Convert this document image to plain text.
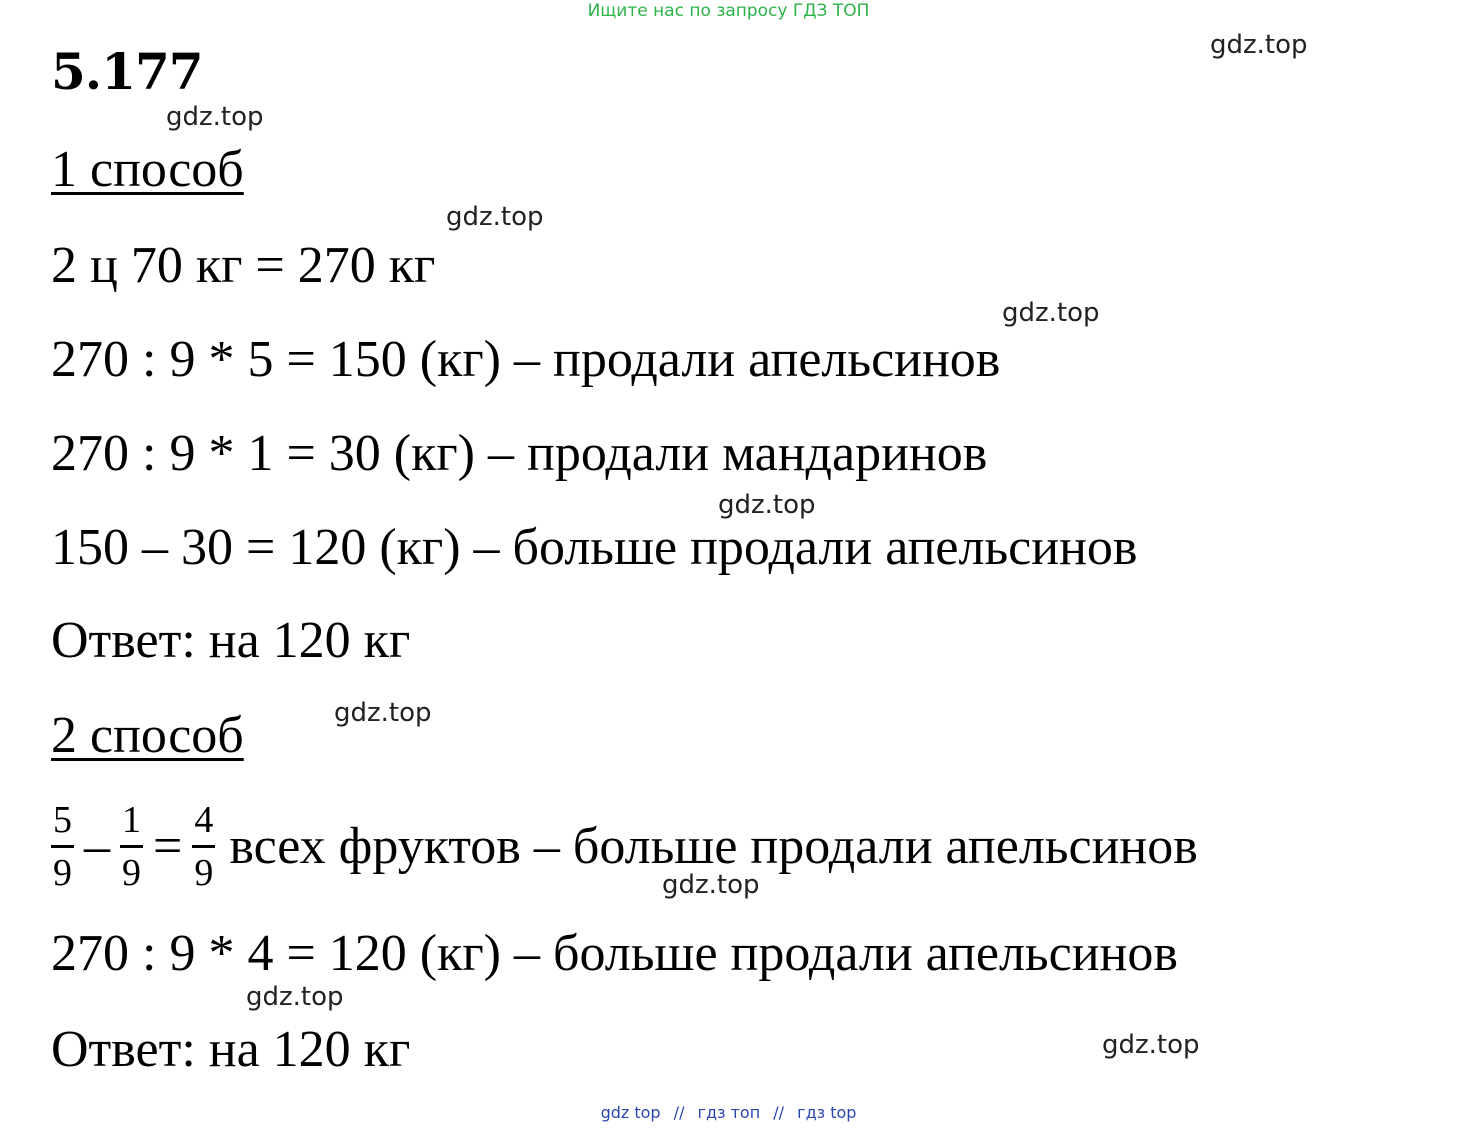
Ищите нас по запросу ГДЗ ТОП
5.177
1 способ
2 ц 70 кг = 270 кг
270 : 9 * 5 = 150 (кг) – продали апельсинов
270 : 9 * 1 = 30 (кг) – продали мандаринов
150 – 30 = 120 (кг) – больше продали апельсинов
Ответ: на 120 кг
2 способ
$\frac{5}{9} - \frac{1}{9} = \frac{4}{9}$ всех фруктов – больше продали апельсинов
270 : 9 * 4 = 120 (кг) – больше продали апельсинов
Ответ: на 120 кг
gdz.top
gdz.top
gdz.top
gdz.top
gdz.top
gdz.top
gdz.top
gdz.top
gdz.top
gdz top // гдз топ // гдз top
